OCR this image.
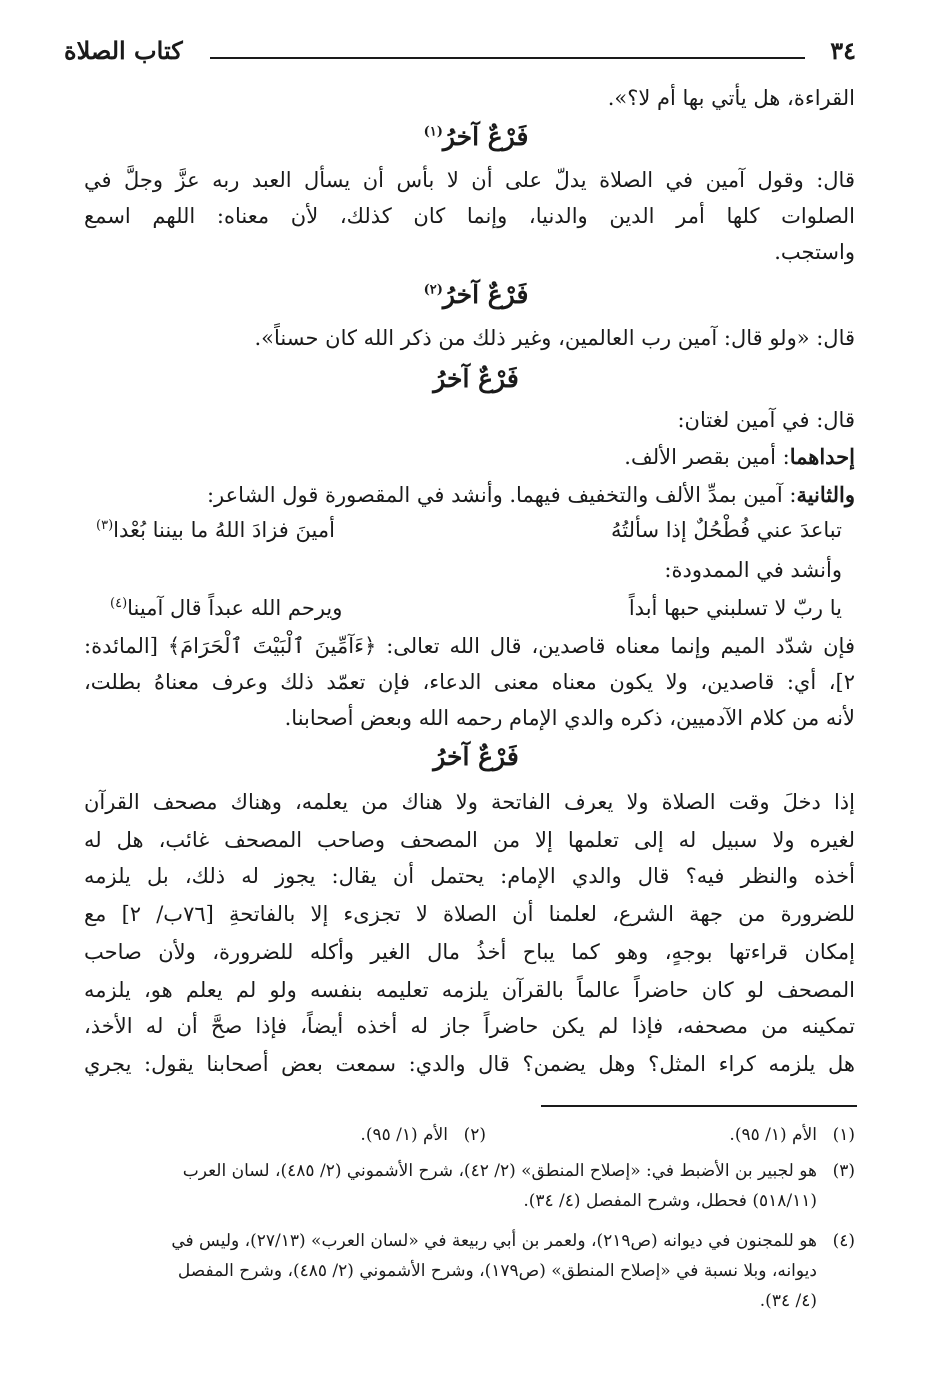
٣٤
كتاب الصلاة
القراءة، هل يأتي بها أم لا؟».
فَرْعٌ آخرُ$^{(١)}$
قال: وقول آمين في الصلاة يدلّ على أن لا بأس أن يسأل العبد ربه عزَّ وجلَّ في
الصلوات كلها أمر الدين والدنيا، وإنما كان كذلك، لأن معناه: اللهم اسمع
واستجب.
فَرْعٌ آخرُ$^{(٢)}$
قال: «ولو قال: آمين رب العالمين، وغير ذلك من ذكر الله كان حسناً».
فَرْعٌ آخرُ
قال: في آمين لغتان:
إحداهما: أمين بقصر الألف.
والثانية: آمين بمدِّ الألف والتخفيف فيهما. وأنشد في المقصورة قول الشاعر:
تباعدَ عني فُطْحُلٌ إذا سألتُهُ
أمينَ فزادَ اللهُ ما بيننا بُعْدا$^{(٣)}$
وأنشد في الممدودة:
يا ربّ لا تسلبني حبها أبداً
ويرحم الله عبداً قال آمينا$^{(٤)}$
فإن شدّد الميم وإنما معناه قاصدين، قال الله تعالى: ﴿ءَآمِّينَ ٱلْبَيْتَ ٱلْحَرَامَ﴾ [المائدة:
٢]، أي: قاصدين، ولا يكون معناه معنى الدعاء، فإن تعمّد ذلك وعرف معناهُ بطلت،
لأنه من كلام الآدميين، ذكره والدي الإمام رحمه الله وبعض أصحابنا.
فَرْعٌ آخرُ
إذا دخلَ وقت الصلاة ولا يعرف الفاتحة ولا هناك من يعلمه، وهناك مصحف القرآن
لغيره ولا سبيل له إلى تعلمها إلا من المصحف وصاحب المصحف غائب، هل له
أخذه والنظر فيه؟ قال والدي الإمام: يحتمل أن يقال: يجوز له ذلك، بل يلزمه
للضرورة من جهة الشرع، لعلمنا أن الصلاة لا تجزىء إلا بالفاتحةِ [٧٦ب/ ٢] مع
إمكان قراءتها بوجهٍ، وهو كما يباح أخذُ مال الغير وأكله للضرورة، ولأن صاحب
المصحف لو كان حاضراً عالماً بالقرآن يلزمه تعليمه بنفسه ولو لم يعلم هو، يلزمه
تمكينه من مصحفه، فإذا لم يكن حاضراً جاز له أخذه أيضاً، فإذا صحَّ أن له الأخذ،
هل يلزمه كراء المثل؟ وهل يضمن؟ قال والدي: سمعت بعض أصحابنا يقول: يجري
(١)
الأم (١/ ٩٥).
(٢)
الأم (١/ ٩٥).
(٣)
هو لجبير بن الأضبط في: «إصلاح المنطق» (٢/ ٤٢)، شرح الأشموني (٢/ ٤٨٥)، لسان العرب
(٥١٨/١١) فحطل، وشرح المفصل (٤/ ٣٤).
(٤)
هو للمجنون في ديوانه (ص٢١٩)، ولعمر بن أبي ربيعة في «لسان العرب» (٢٧/١٣)، وليس في
ديوانه، وبلا نسبة في «إصلاح المنطق» (ص١٧٩)، وشرح الأشموني (٢/ ٤٨٥)، وشرح المفصل
(٤/ ٣٤).
